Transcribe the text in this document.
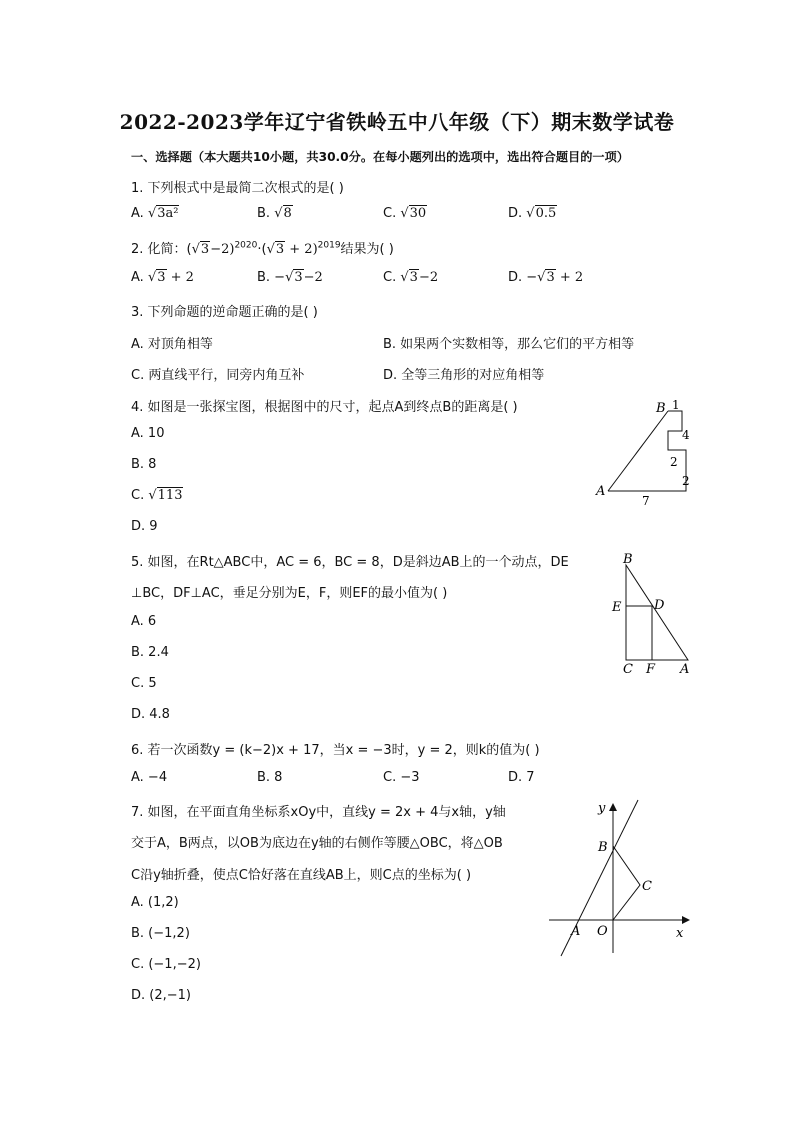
2022-2023学年辽宁省铁岭五中八年级（下）期末数学试卷
一、选择题（本大题共10小题，共30.0分。在每小题列出的选项中，选出符合题目的一项）
1. 下列根式中是最简二次根式的是( )
A. √3a²	B. √8	C. √30	D. √0.5
2. 化简：$(√3-2)^{2020}\cdot(√3 + 2)^{2019}$结果为( )
A. √3 + 2	B. −√3−2	C. √3−2	D. −√3 + 2
3. 下列命题的逆命题正确的是( )
A. 对顶角相等	B. 如果两个实数相等，那么它们的平方相等
C. 两直线平行，同旁内角互补	D. 全等三角形的对应角相等
4. 如图是一张探宝图，根据图中的尺寸，起点A到终点B的距离是( )
A. 10
B. 8
C. √113
D. 9
B
A
1
4
2
2
7
5. 如图，在Rt△ABC中，AC = 6，BC = 8，D是斜边AB上的一个动点，DE
⊥BC，DF⊥AC，垂足分别为E，F，则EF的最小值为( )
A. 6
B. 2.4
C. 5
D. 4.8
B
E	D
C F A
6. 若一次函数y = (k−2)x + 17，当x = −3时，y = 2，则k的值为( )
A. −4	B. 8	C. −3	D. 7
7. 如图，在平面直角坐标系xOy中，直线y = 2x + 4与x轴，y轴
交于A，B两点，以OB为底边在y轴的右侧作等腰△OBC，将△OB
C沿y轴折叠，使点C恰好落在直线AB上，则C点的坐标为( )
A. (1,2)
B. (−1,2)
C. (−1,−2)
D. (2,−1)
y
B
C
A O	x
